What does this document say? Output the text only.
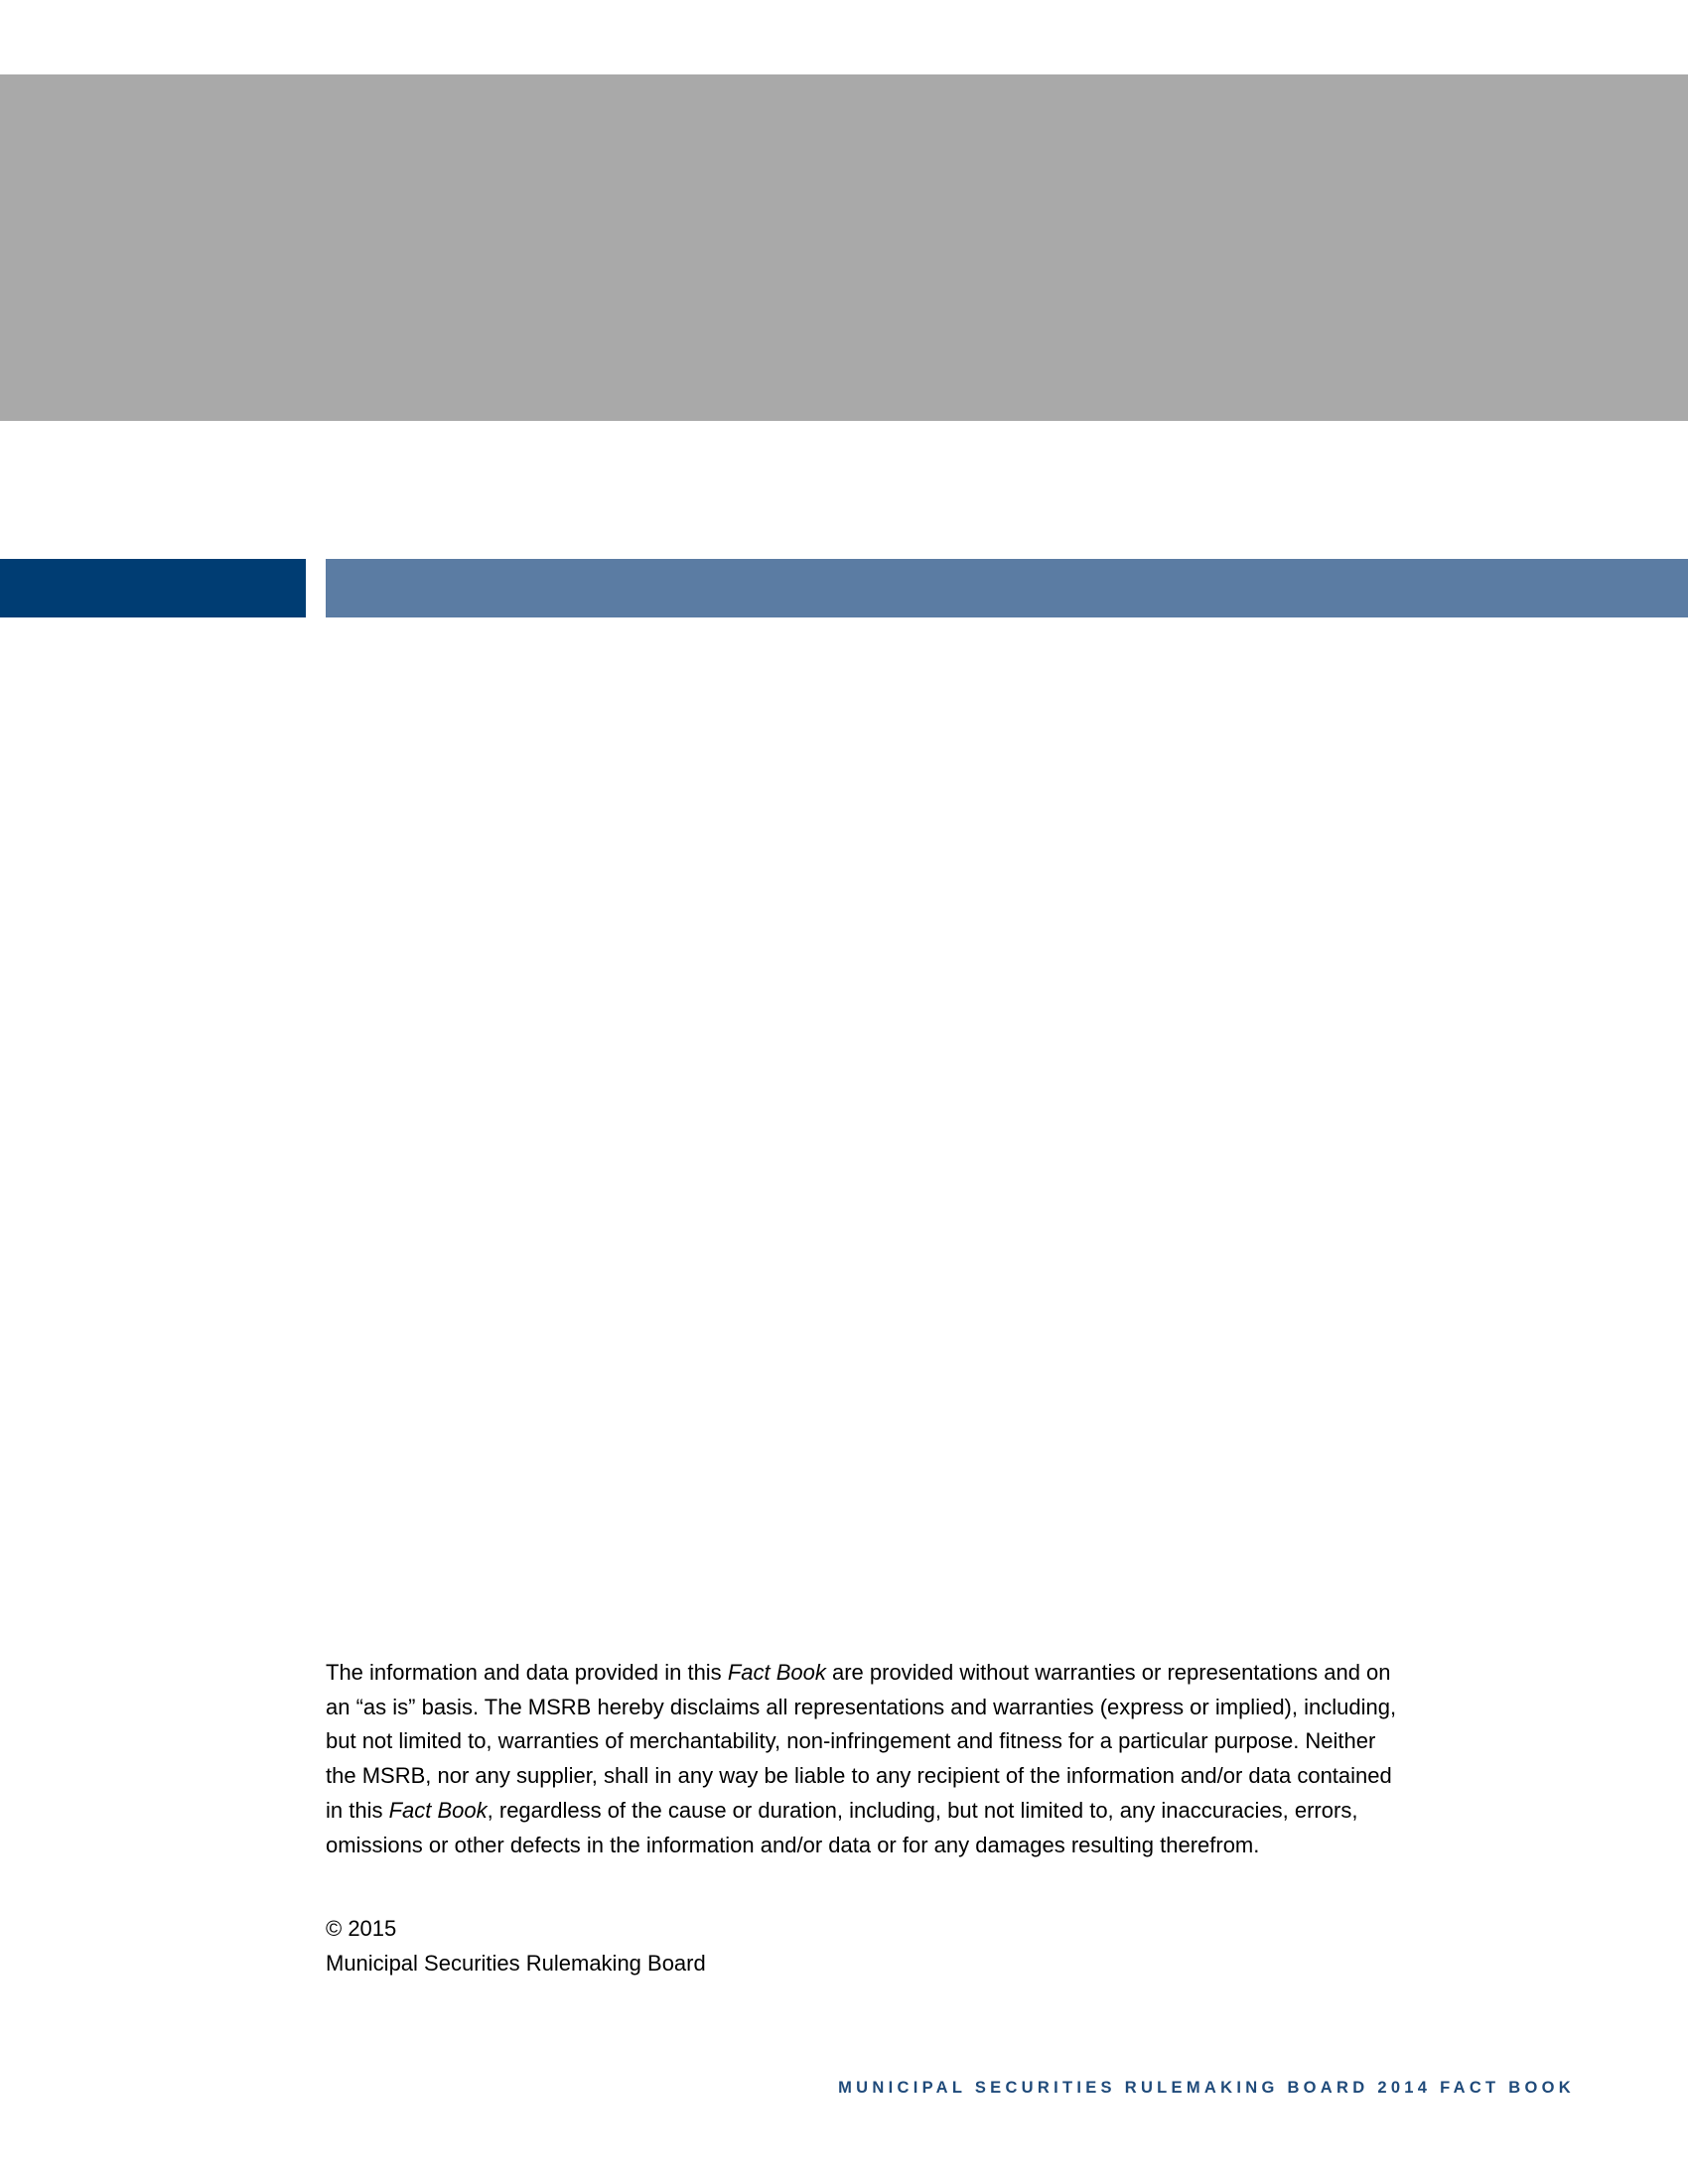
The information and data provided in this Fact Book are provided without warranties or representations and on an “as is” basis. The MSRB hereby disclaims all representations and warranties (express or implied), including, but not limited to, warranties of merchantability, non-infringement and fitness for a particular purpose. Neither the MSRB, nor any supplier, shall in any way be liable to any recipient of the information and/or data contained in this Fact Book, regardless of the cause or duration, including, but not limited to, any inaccuracies, errors, omissions or other defects in the information and/or data or for any damages resulting therefrom.

© 2015
Municipal Securities Rulemaking Board
MUNICIPAL SECURITIES RULEMAKING BOARD 2014 FACT BOOK
